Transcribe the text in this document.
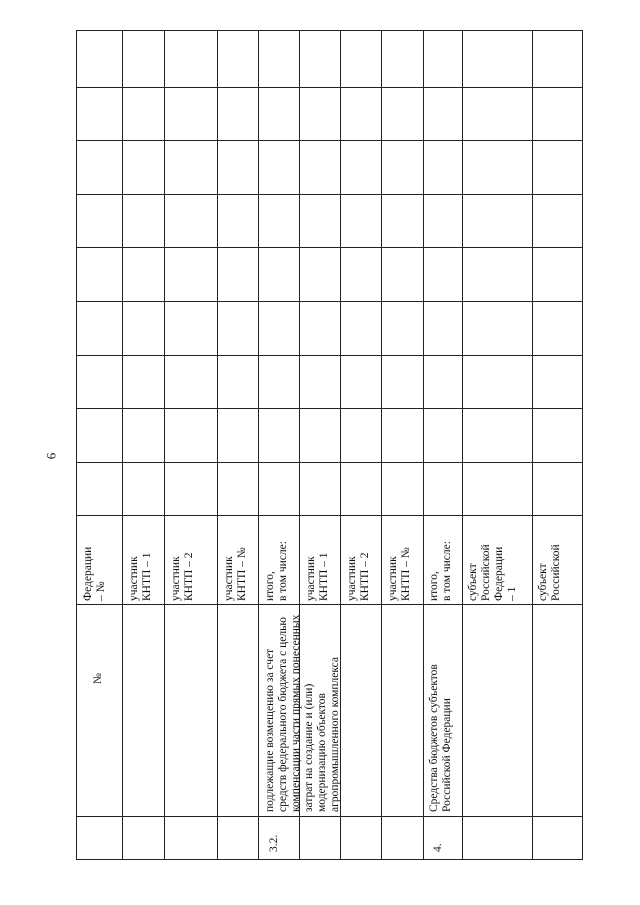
6
№
Федерации
– № участник
КНТП – 1
участник
КНТП – 2
участник
КНТП – №
итого,
в том числе: участник
КНТП – 1
участник
КНТП – 2
участник
КНТП – №
итого,
в том числе:
субъект
Российской
Федерации
– 1 субъект
Российской
3.2.	4.
подлежащие возмещению за счет средств федерального бюджета с целью компенсации части прямых понесенных затрат на создание и (или) модернизацию объектов агропромышленного комплекса	Средства бюджетов субъектов Российской Федерации
